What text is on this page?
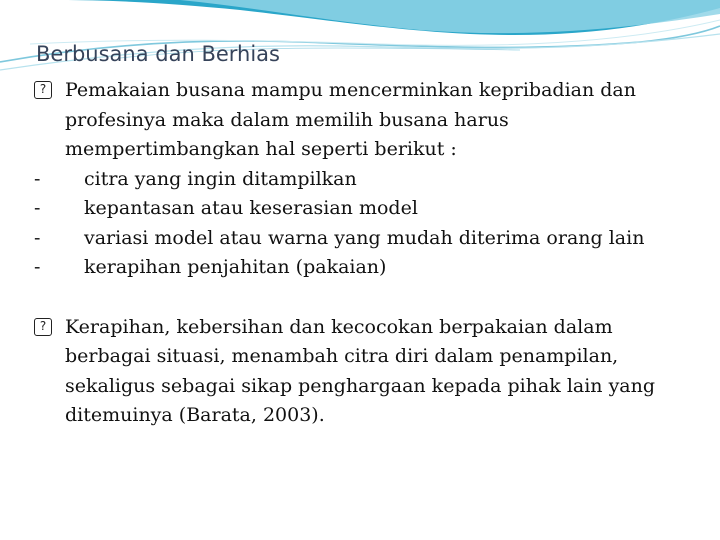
Berbusana dan Berhias
? Pemakaian busana mampu mencerminkan kepribadian dan profesinya maka dalam memilih busana harus mempertimbangkan hal seperti berikut :
-	citra yang ingin ditampilkan
-	kepantasan atau keserasian model
-	variasi model atau warna yang mudah diterima orang lain
-	kerapihan penjahitan (pakaian)
? Kerapihan, kebersihan dan kecocokan berpakaian dalam berbagai situasi, menambah citra diri dalam penampilan, sekaligus sebagai sikap penghargaan kepada pihak lain yang ditemuinya (Barata, 2003).
